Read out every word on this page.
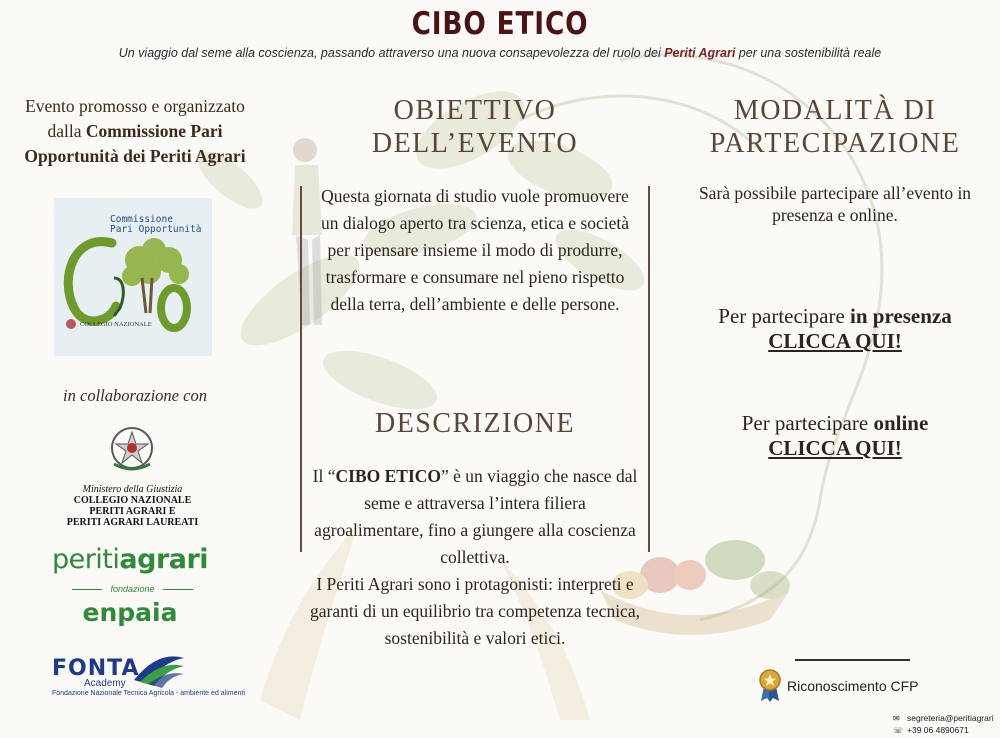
CIBO ETICO
Un viaggio dal seme alla coscienza, passando attraverso una nuova consapevolezza del ruolo dei Periti Agrari per una sostenibilità reale
Evento promosso e organizzato
dalla Commissione Pari
Opportunità dei Periti Agrari
Commissione
Pari Opportunità
COLLEGIO NAZIONALE
in collaborazione con
Ministero della Giustizia
COLLEGIO NAZIONALE
PERITI AGRARI E
PERITI AGRARI LAUREATI
peritiagrari
fondazione
enpaia
FONTA
Academy
Fondazione Nazionale Tecnica Agricola - ambiente ed alimenti
OBIETTIVO
DELL’EVENTO
Questa giornata di studio vuole promuovere un dialogo aperto tra scienza, etica e società per ripensare insieme il modo di produrre, trasformare e consumare nel pieno rispetto della terra, dell’ambiente e delle persone.
DESCRIZIONE
Il “CIBO ETICO” è un viaggio che nasce dal seme e attraversa l’intera filiera agroalimentare, fino a giungere alla coscienza collettiva.
I Periti Agrari sono i protagonisti: interpreti e garanti di un equilibrio tra competenza tecnica, sostenibilità e valori etici.
MODALITÀ DI
PARTECIPAZIONE
Sarà possibile partecipare all’evento in presenza e online.
Per partecipare in presenza
CLICCA QUI!
Per partecipare online
CLICCA QUI!
Riconoscimento CFP
✉ segreteria@peritiagrari
☏ +39 06 4890671
